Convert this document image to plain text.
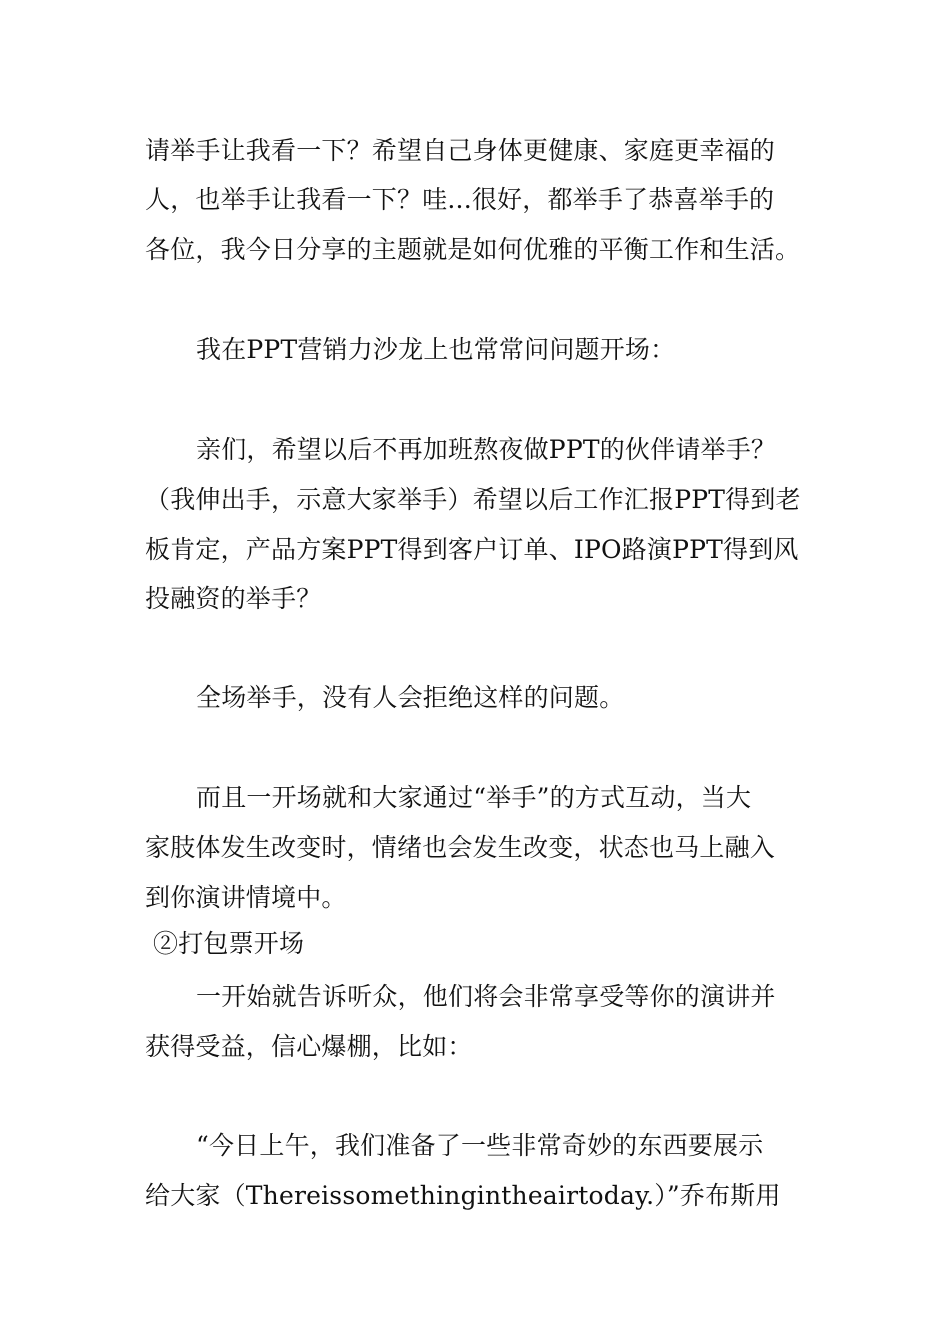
请举手让我看一下？希望自己身体更健康、家庭更幸福的
人，也举手让我看一下？哇...很好，都举手了恭喜举手的
各位，我今日分享的主题就是如何优雅的平衡工作和生活。
我在PPT营销力沙龙上也常常问问题开场：
亲们，希望以后不再加班熬夜做PPT的伙伴请举手？
（我伸出手，示意大家举手）希望以后工作汇报PPT得到老
板肯定，产品方案PPT得到客户订单、IPO路演PPT得到风
投融资的举手？
全场举手，没有人会拒绝这样的问题。
而且一开场就和大家通过“举手”的方式互动，当大
家肢体发生改变时，情绪也会发生改变，状态也马上融入
到你演讲情境中。
②打包票开场
一开始就告诉听众，他们将会非常享受等你的演讲并
获得受益，信心爆棚，比如：
“今日上午，我们准备了一些非常奇妙的东西要展示
给大家（Thereissomethingintheairtoday.）”乔布斯用
